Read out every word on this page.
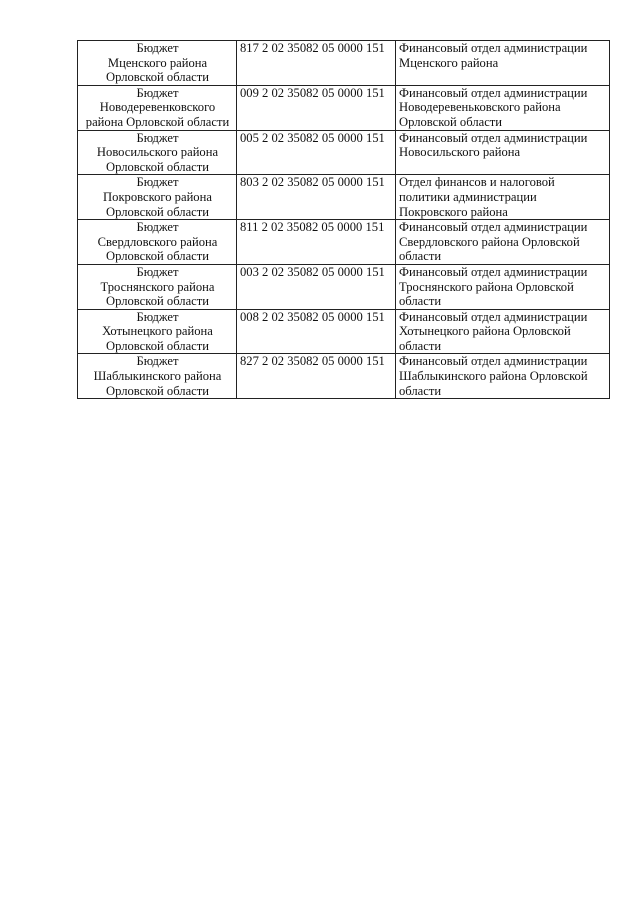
Бюджет
Мценского района
Орловской области	817 2 02 35082 05 0000 151	Финансовый отдел администрации
Мценского района

Бюджет
Новодеревенковского
района Орловской области	009 2 02 35082 05 0000 151	Финансовый отдел администрации
Новодеревеньковского района
Орловской области

Бюджет
Новосильского района
Орловской области	005 2 02 35082 05 0000 151	Финансовый отдел администрации
Новосильского района

Бюджет
Покровского района
Орловской области	803 2 02 35082 05 0000 151	Отдел финансов и налоговой
политики администрации
Покровского района

Бюджет
Свердловского района
Орловской области	811 2 02 35082 05 0000 151	Финансовый отдел администрации
Свердловского района Орловской
области

Бюджет
Троснянского района
Орловской области	003 2 02 35082 05 0000 151	Финансовый отдел администрации
Троснянского района Орловской
области

Бюджет
Хотынецкого района
Орловской области	008 2 02 35082 05 0000 151	Финансовый отдел администрации
Хотынецкого района Орловской
области

Бюджет
Шаблыкинского района
Орловской области	827 2 02 35082 05 0000 151	Финансовый отдел администрации
Шаблыкинского района Орловской
области
